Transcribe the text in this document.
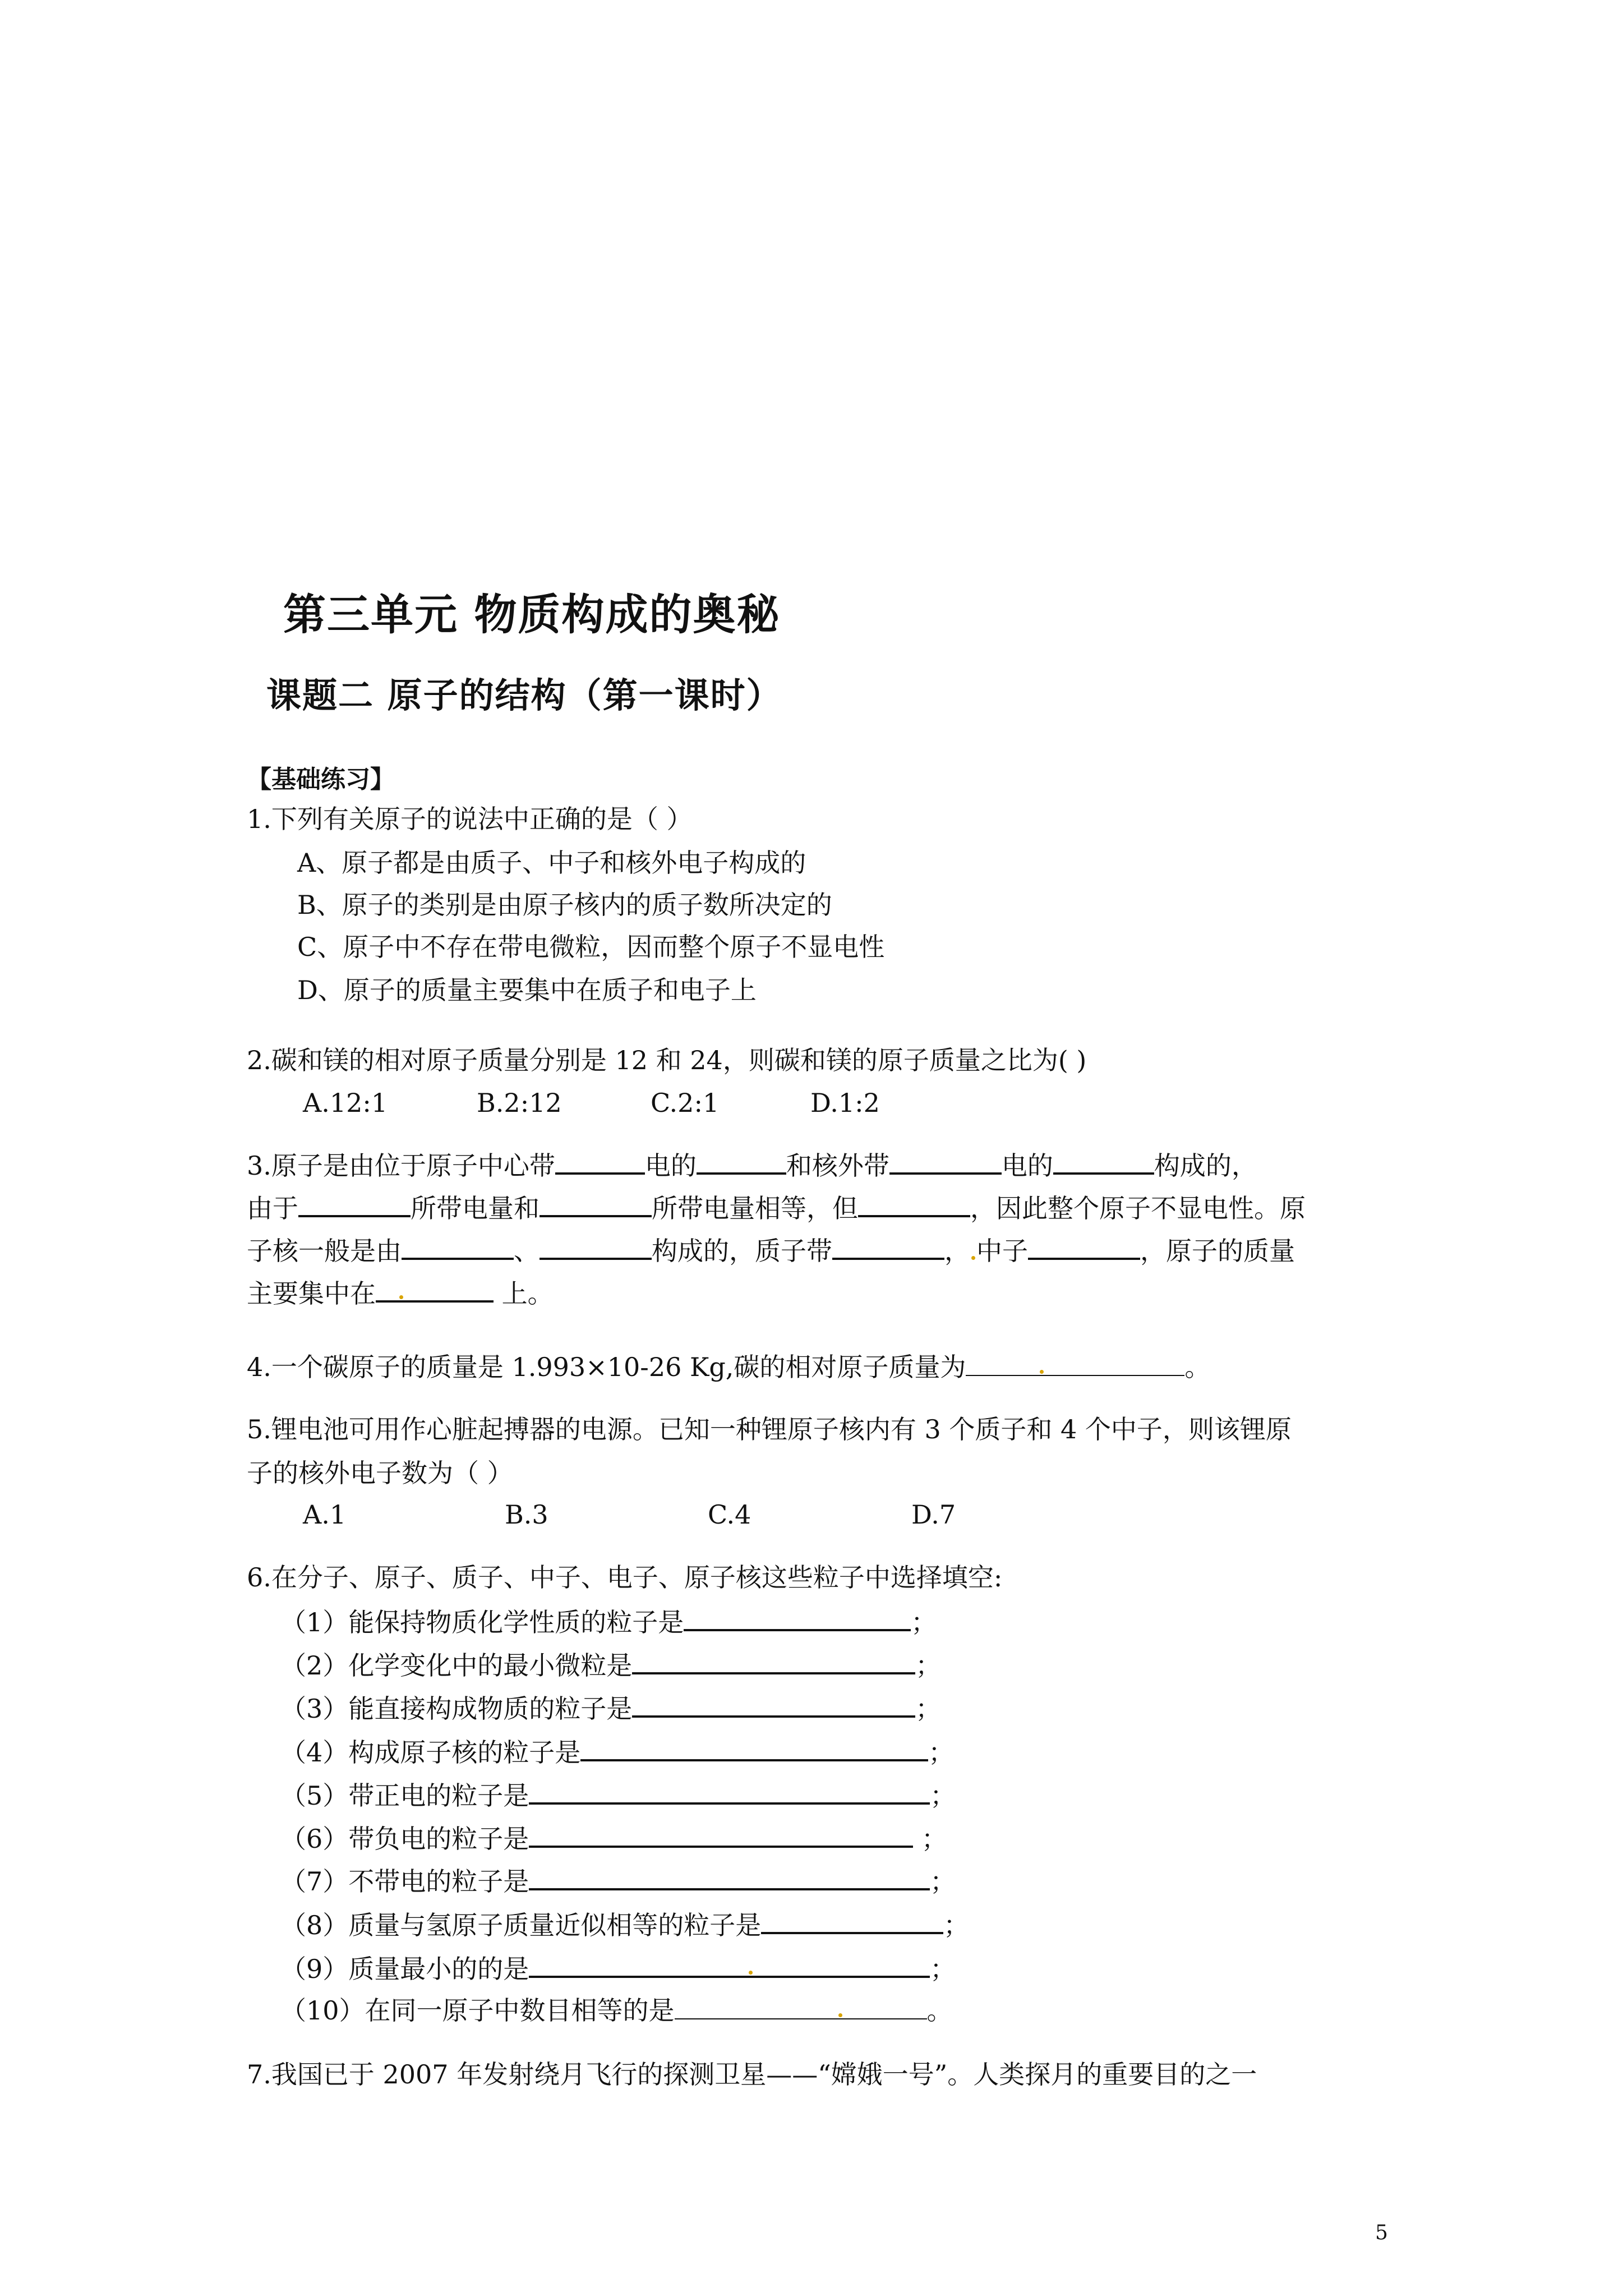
第三单元 物质构成的奥秘
课题二 原子的结构（第一课时）
【基础练习】
1.下列有关原子的说法中正确的是（ ）
A、原子都是由质子、中子和核外电子构成的
B、原子的类别是由原子核内的质子数所决定的
C、原子中不存在带电微粒，因而整个原子不显电性
D、原子的质量主要集中在质子和电子上
2.碳和镁的相对原子质量分别是 12 和 24，则碳和镁的原子质量之比为( )
A.12:1	B.2:12	C.2:1	D.1:2
3.原子是由位于原子中心带	电的	和核外带	电的	构成的，
由于	所带电量和	所带电量相等，但	，因此整个原子不显电性。原
子核一般是由	、	构成的，质子带	， 中子	，原子的质量
主要集中在	上。
4.一个碳原子的质量是 1.993×10-26 Kg,碳的相对原子质量为	。
5.锂电池可用作心脏起搏器的电源。已知一种锂原子核内有 3 个质子和 4 个中子，则该锂原
子的核外电子数为（ ）
A.1	B.3	C.4	D.7
6.在分子、原子、质子、中子、电子、原子核这些粒子中选择填空:
（1）能保持物质化学性质的粒子是	；
（2）化学变化中的最小微粒是	；
（3）能直接构成物质的粒子是	；
（4）构成原子核的粒子是	；
（5）带正电的粒子是	；
（6）带负电的粒子是	；
（7）不带电的粒子是	；
（8）质量与氢原子质量近似相等的粒子是	；
（9）质量最小的的是	；
（10）在同一原子中数目相等的是	。
7.我国已于 2007 年发射绕月飞行的探测卫星——“嫦娥一号”。人类探月的重要目的之一
5
